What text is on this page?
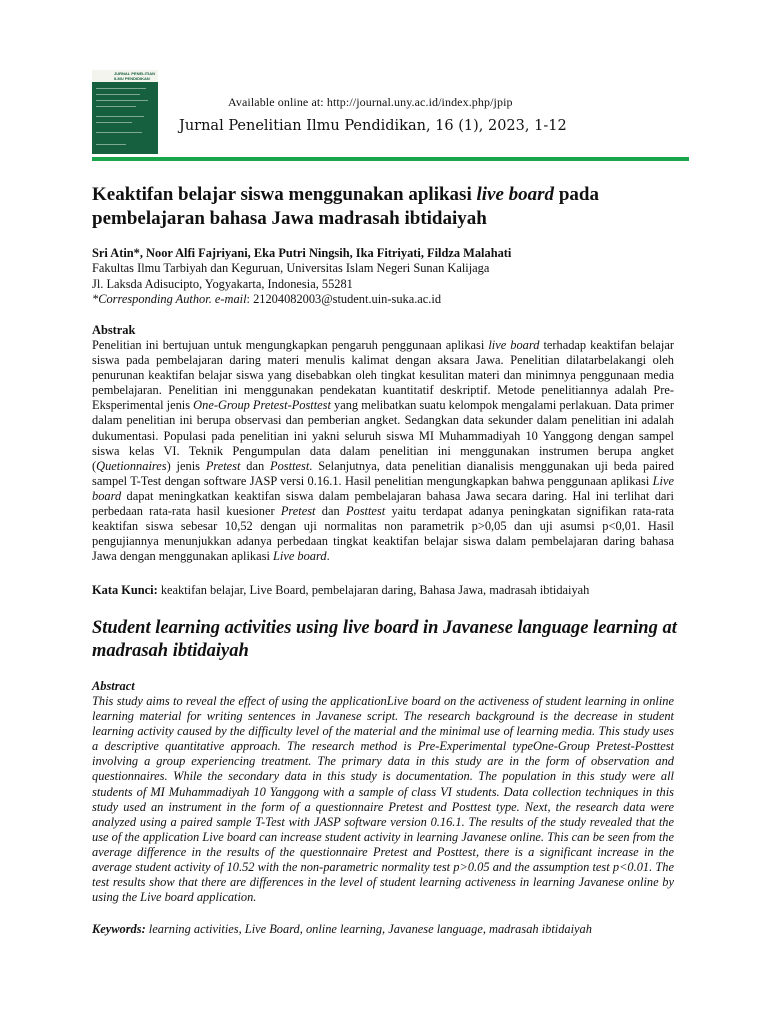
JURNAL PENELITIAN ILMU PENDIDIKAN
Available online at: http://journal.uny.ac.id/index.php/jpip
Jurnal Penelitian Ilmu Pendidikan, 16 (1), 2023, 1-12
Keaktifan belajar siswa menggunakan aplikasi live board pada pembelajaran bahasa Jawa madrasah ibtidaiyah
Sri Atin*, Noor Alfi Fajriyani, Eka Putri Ningsih, Ika Fitriyati, Fildza Malahati
Fakultas Ilmu Tarbiyah dan Keguruan, Universitas Islam Negeri Sunan Kalijaga
Jl. Laksda Adisucipto, Yogyakarta, Indonesia, 55281
*Corresponding Author. e-mail: 21204082003@student.uin-suka.ac.id
Abstrak
Penelitian ini bertujuan untuk mengungkapkan pengaruh penggunaan aplikasi live board terhadap keaktifan belajar siswa pada pembelajaran daring materi menulis kalimat dengan aksara Jawa. Penelitian dilatarbelakangi oleh penurunan keaktifan belajar siswa yang disebabkan oleh tingkat kesulitan materi dan minimnya penggunaan media pembelajaran. Penelitian ini menggunakan pendekatan kuantitatif deskriptif. Metode penelitiannya adalah Pre-Eksperimental jenis One-Group Pretest-Posttest yang melibatkan suatu kelompok mengalami perlakuan. Data primer dalam penelitian ini berupa observasi dan pemberian angket. Sedangkan data sekunder dalam penelitian ini adalah dukumentasi. Populasi pada penelitian ini yakni seluruh siswa MI Muhammadiyah 10 Yanggong dengan sampel siswa kelas VI. Teknik Pengumpulan data dalam penelitian ini menggunakan instrumen berupa angket (Quetionnaires) jenis Pretest dan Posttest. Selanjutnya, data penelitian dianalisis menggunakan uji beda paired sampel T-Test dengan software JASP versi 0.16.1. Hasil penelitian mengungkapkan bahwa penggunaan aplikasi Live board dapat meningkatkan keaktifan siswa dalam pembelajaran bahasa Jawa secara daring. Hal ini terlihat dari perbedaan rata-rata hasil kuesioner Pretest dan Posttest yaitu terdapat adanya peningkatan signifikan rata-rata keaktifan siswa sebesar 10,52 dengan uji normalitas non parametrik p>0,05 dan uji asumsi p<0,01. Hasil pengujiannya menunjukkan adanya perbedaan tingkat keaktifan belajar siswa dalam pembelajaran daring bahasa Jawa dengan menggunakan aplikasi Live board.
Kata Kunci: keaktifan belajar, Live Board, pembelajaran daring, Bahasa Jawa, madrasah ibtidaiyah
Student learning activities using live board in Javanese language learning at madrasah ibtidaiyah
Abstract
This study aims to reveal the effect of using the applicationLive board on the activeness of student learning in online learning material for writing sentences in Javanese script. The research background is the decrease in student learning activity caused by the difficulty level of the material and the minimal use of learning media. This study uses a descriptive quantitative approach. The research method is Pre-Experimental typeOne-Group Pretest-Posttest involving a group experiencing treatment. The primary data in this study are in the form of observation and questionnaires. While the secondary data in this study is documentation. The population in this study were all students of MI Muhammadiyah 10 Yanggong with a sample of class VI students. Data collection techniques in this study used an instrument in the form of a questionnaire Pretest and Posttest type. Next, the research data were analyzed using a paired sample T-Test with JASP software version 0.16.1. The results of the study revealed that the use of the application Live board can increase student activity in learning Javanese online. This can be seen from the average difference in the results of the questionnaire Pretest and Posttest, there is a significant increase in the average student activity of 10.52 with the non-parametric normality test p>0.05 and the assumption test p<0.01. The test results show that there are differences in the level of student learning activeness in learning Javanese online by using the Live board application.
Keywords: learning activities, Live Board, online learning, Javanese language, madrasah ibtidaiyah
